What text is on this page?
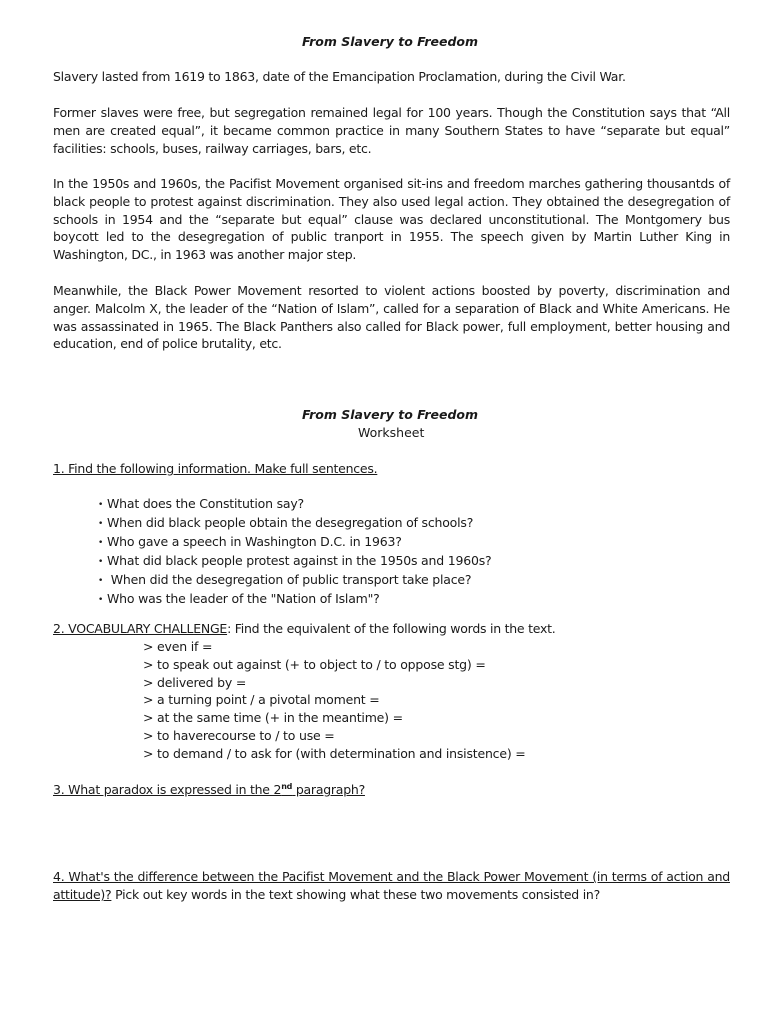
From Slavery to Freedom

Slavery lasted from 1619 to 1863, date of the Emancipation Proclamation, during the Civil War.

Former slaves were free, but segregation remained legal for 100 years. Though the Constitution says that “All men are created equal”, it became common practice in many Southern States to have “separate but equal” facilities: schools, buses, railway carriages, bars, etc.

In the 1950s and 1960s, the Pacifist Movement organised sit-ins and freedom marches gathering thousantds of black people to protest against discrimination. They also used legal action. They obtained the desegregation of schools in 1954 and the “separate but equal” clause was declared unconstitutional. The Montgomery bus boycott led to the desegregation of public tranport in 1955. The speech given by Martin Luther King in Washington, DC., in 1963 was another major step.

Meanwhile, the Black Power Movement resorted to violent actions boosted by poverty, discrimination and anger. Malcolm X, the leader of the “Nation of Islam”, called for a separation of Black and White Americans. He was assassinated in 1965. The Black Panthers also called for Black power, full employment, better housing and education, end of police brutality, etc.

From Slavery to Freedom
Worksheet
1. Find the following information. Make full sentences.
• What does the Constitution say?
• When did black people obtain the desegregation of schools?
• Who gave a speech in Washington D.C. in 1963?
• What did black people protest against in the 1950s and 1960s?
• When did the desegregation of public transport take place?
• Who was the leader of the "Nation of Islam"?
2. VOCABULARY CHALLENGE: Find the equivalent of the following words in the text.
> even if =
> to speak out against (+ to object to / to oppose stg) =
> delivered by =
> a turning point / a pivotal moment =
> at the same time (+ in the meantime) =
> to haverecourse to / to use =
> to demand / to ask for (with determination and insistence) =
3. What paradox is expressed in the 2nd paragraph?

4. What's the difference between the Pacifist Movement and the Black Power Movement (in terms of action and attitude)? Pick out key words in the text showing what these two movements consisted in?
